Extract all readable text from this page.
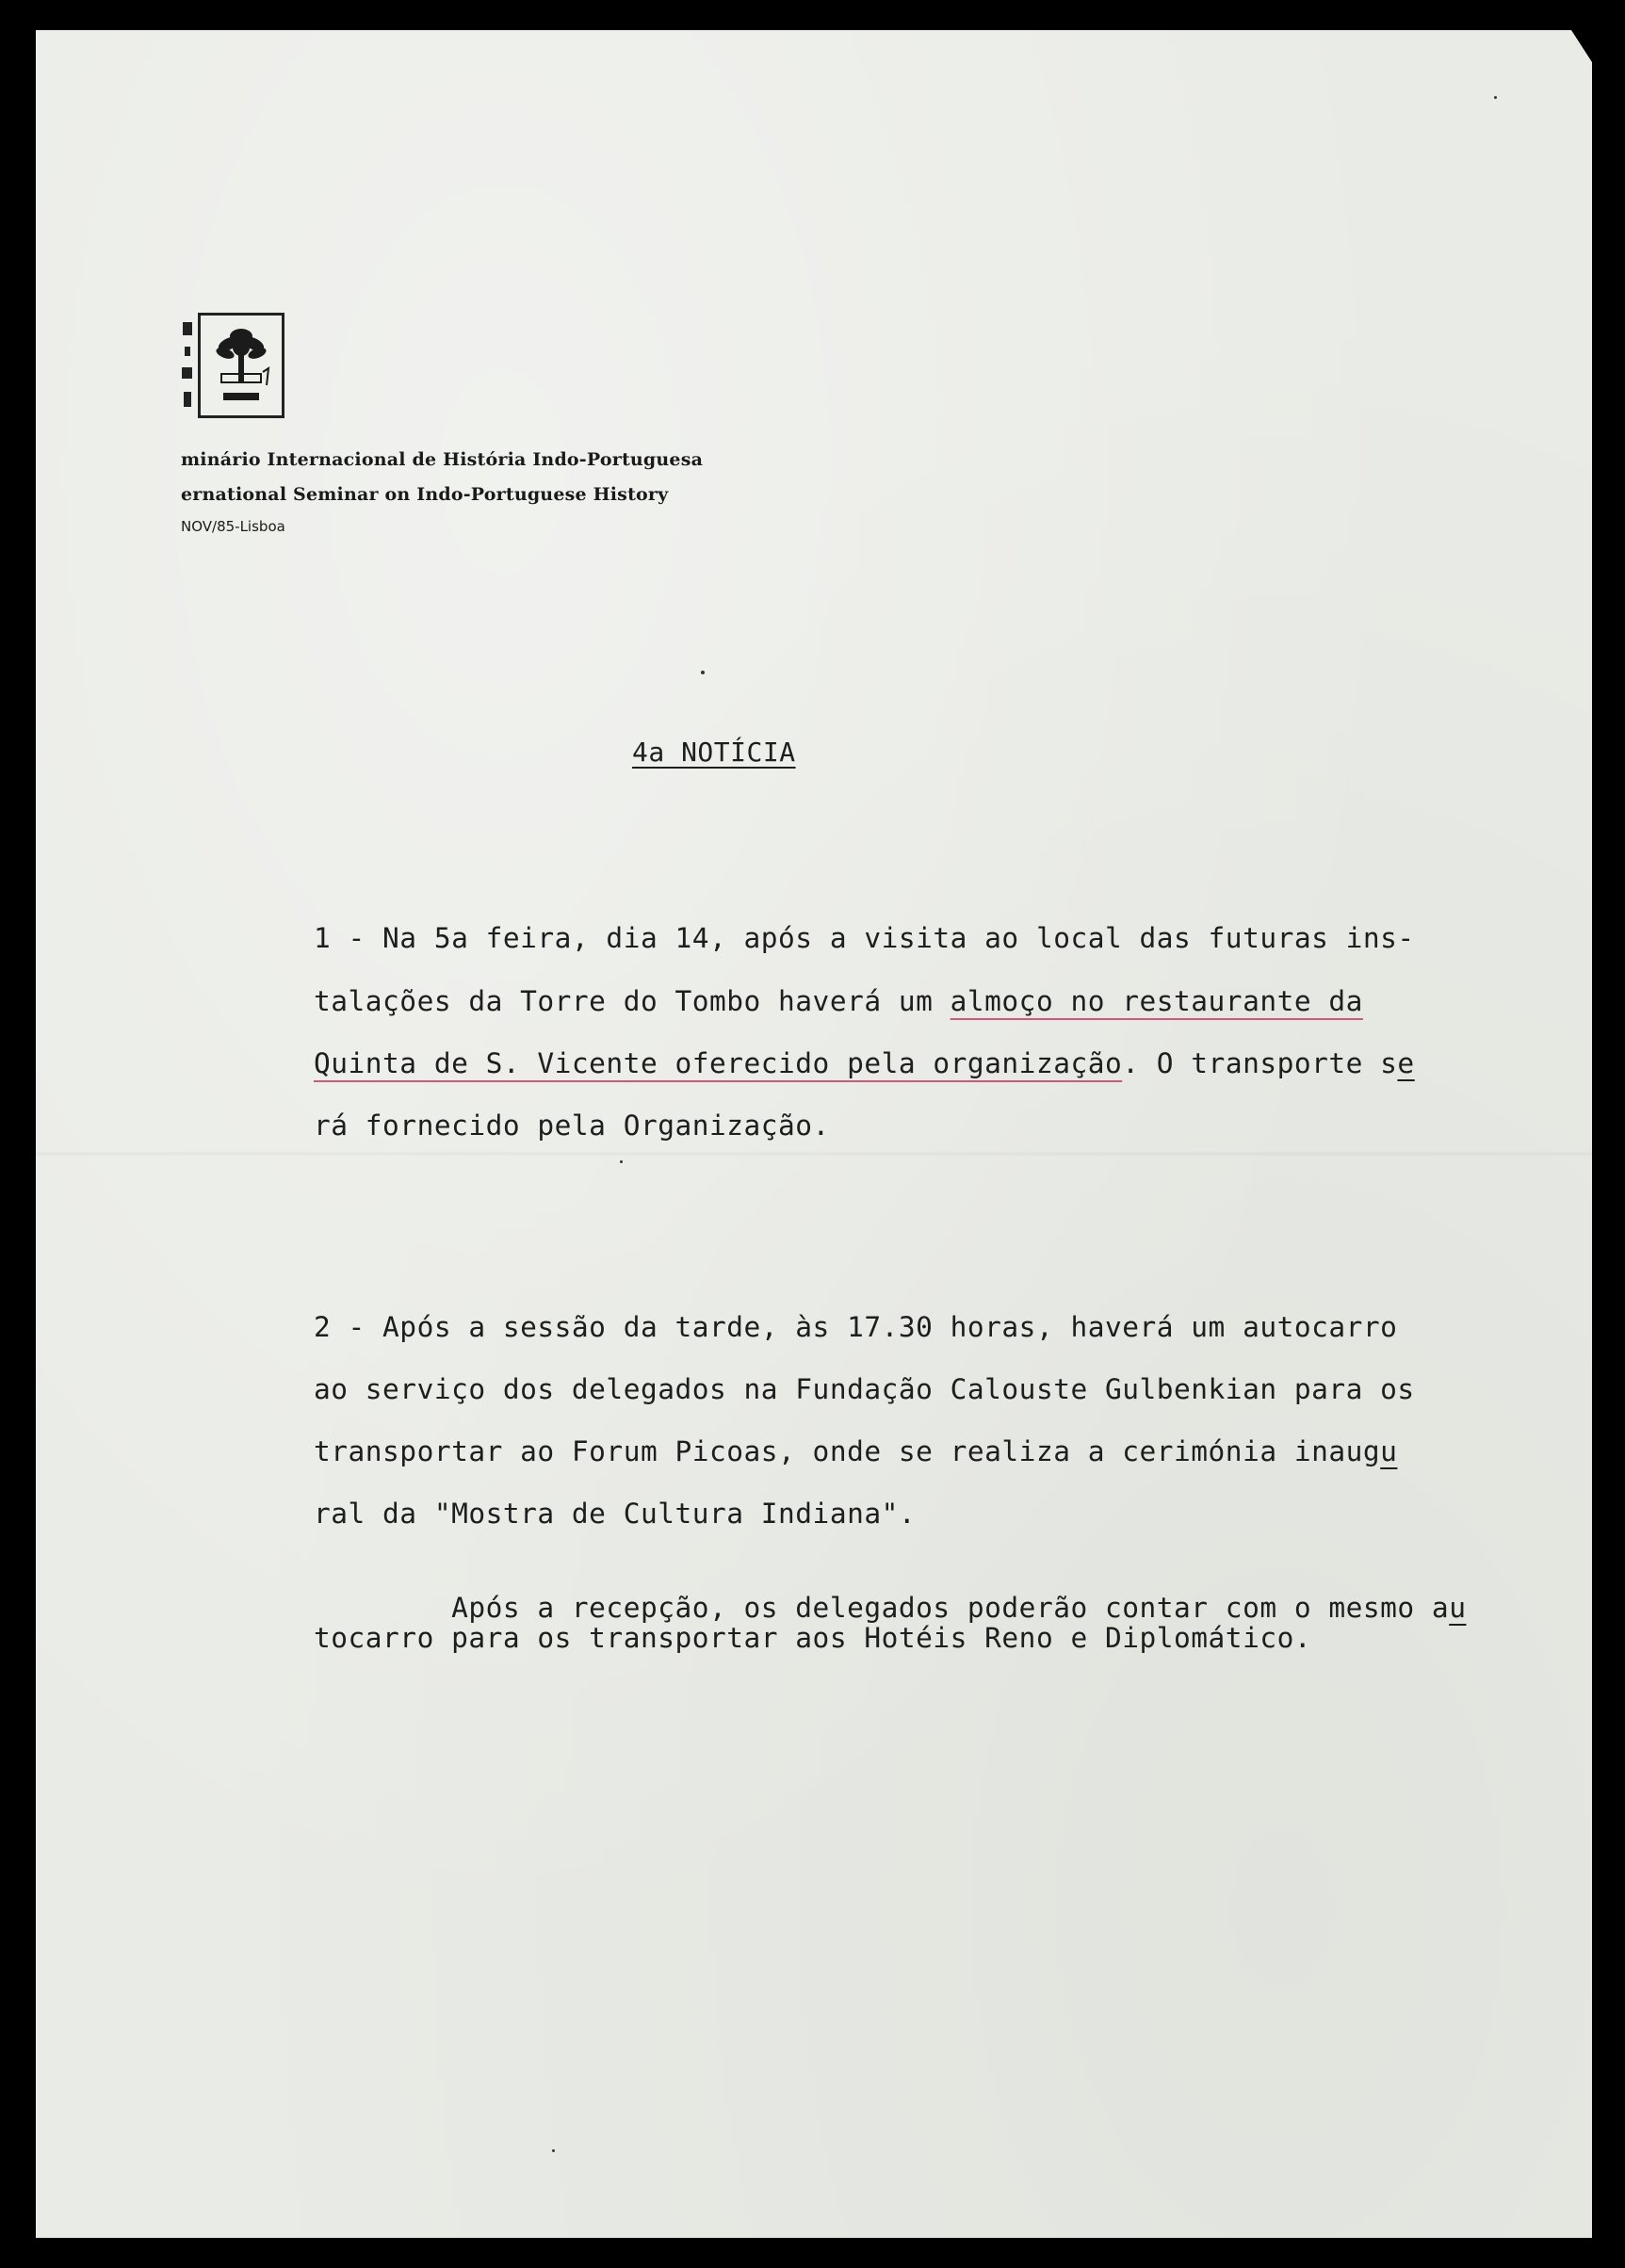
minário Internacional de História Indo-Portuguesa
ernational Seminar on Indo-Portuguese History
NOV/85-Lisboa
4a NOTÍCIA
1 - Na 5a feira, dia 14, após a visita ao local das futuras ins-
talações da Torre do Tombo haverá um almoço no restaurante da
Quinta de S. Vicente oferecido pela organização. O transporte se
rá fornecido pela Organização.
2 - Após a sessão da tarde, às 17.30 horas, haverá um autocarro
ao serviço dos delegados na Fundação Calouste Gulbenkian para os
transportar ao Forum Picoas, onde se realiza a cerimónia inaugu
ral da "Mostra de Cultura Indiana".

Após a recepção, os delegados poderão contar com o mesmo au

tocarro para os transportar aos Hotéis Reno e Diplomático.
